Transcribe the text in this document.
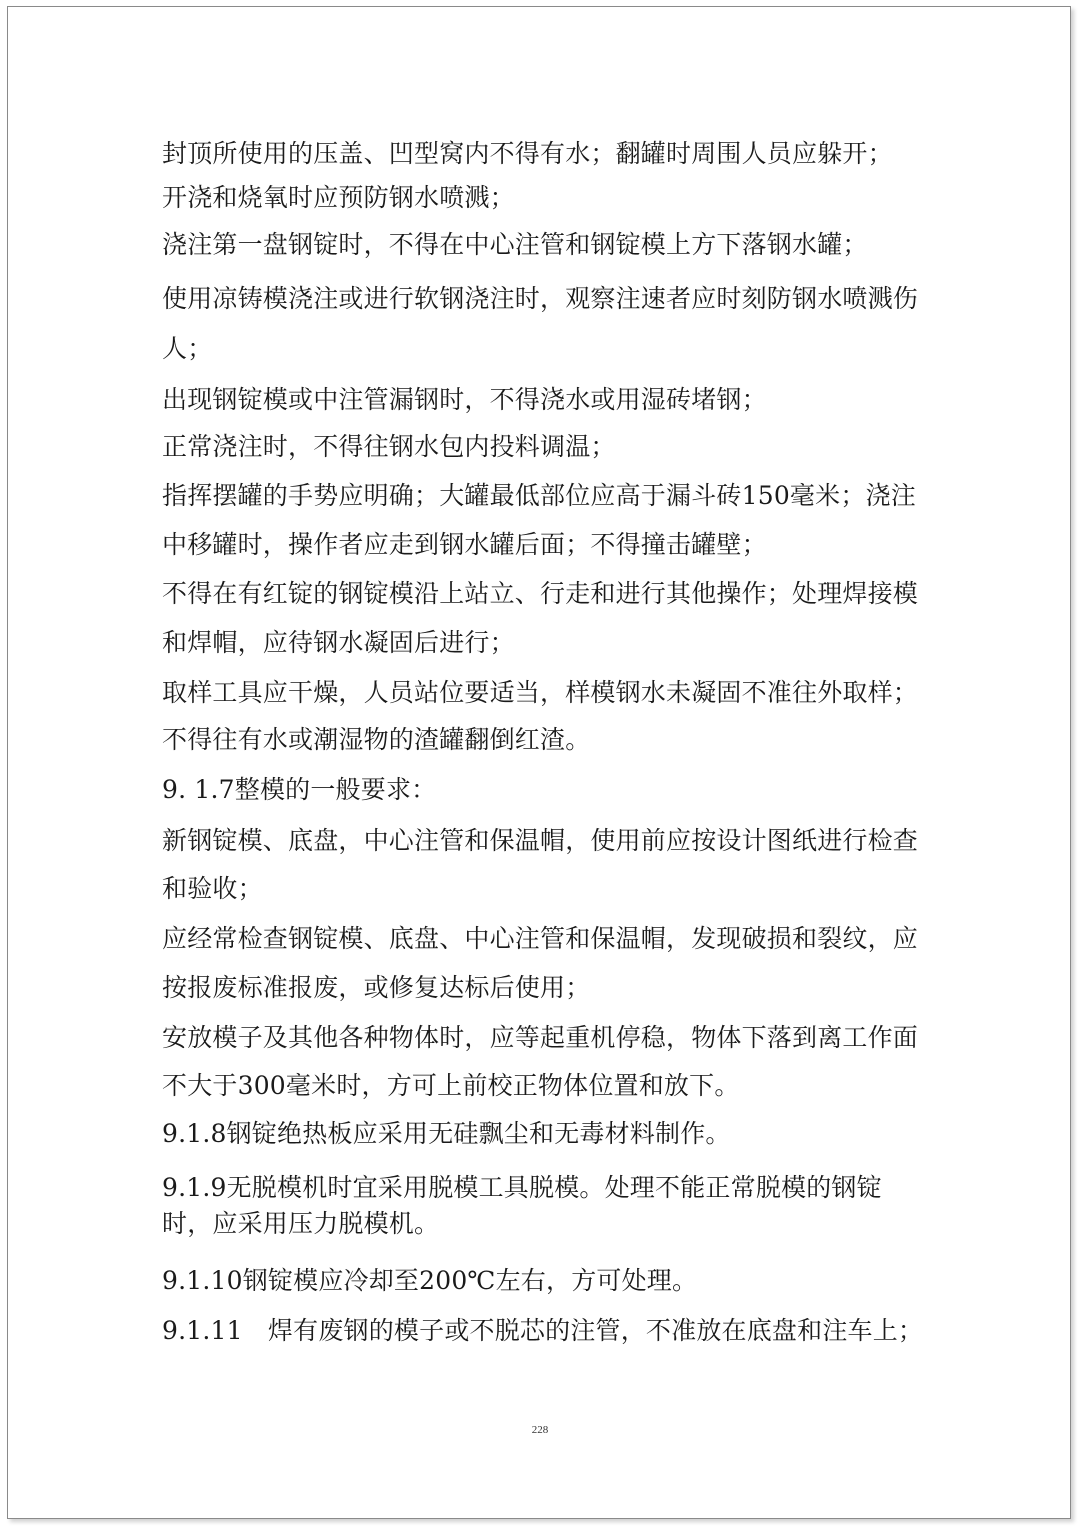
封顶所使用的压盖、凹型窝内不得有水；翻罐时周围人员应躲开；
开浇和烧氧时应预防钢水喷溅；
浇注第一盘钢锭时，不得在中心注管和钢锭模上方下落钢水罐；
使用凉铸模浇注或进行软钢浇注时，观察注速者应时刻防钢水喷溅伤
人；
出现钢锭模或中注管漏钢时，不得浇水或用湿砖堵钢；
正常浇注时，不得往钢水包内投料调温；
指挥摆罐的手势应明确；大罐最低部位应高于漏斗砖150毫米；浇注
中移罐时，操作者应走到钢水罐后面；不得撞击罐壁；
不得在有红锭的钢锭模沿上站立、行走和进行其他操作；处理焊接模
和焊帽，应待钢水凝固后进行；
取样工具应干燥，人员站位要适当，样模钢水未凝固不准往外取样；
不得往有水或潮湿物的渣罐翻倒红渣。
9. 1.7整模的一般要求：
新钢锭模、底盘，中心注管和保温帽，使用前应按设计图纸进行检查
和验收；
应经常检查钢锭模、底盘、中心注管和保温帽，发现破损和裂纹，应
按报废标准报废，或修复达标后使用；
安放模子及其他各种物体时，应等起重机停稳，物体下落到离工作面
不大于300毫米时，方可上前校正物体位置和放下。
9.1.8钢锭绝热板应采用无硅飘尘和无毒材料制作。
9.1.9无脱模机时宜采用脱模工具脱模。处理不能正常脱模的钢锭
时，应采用压力脱模机。
9.1.10钢锭模应冷却至200℃左右，方可处理。
9.1.11　焊有废钢的模子或不脱芯的注管，不准放在底盘和注车上；
228
